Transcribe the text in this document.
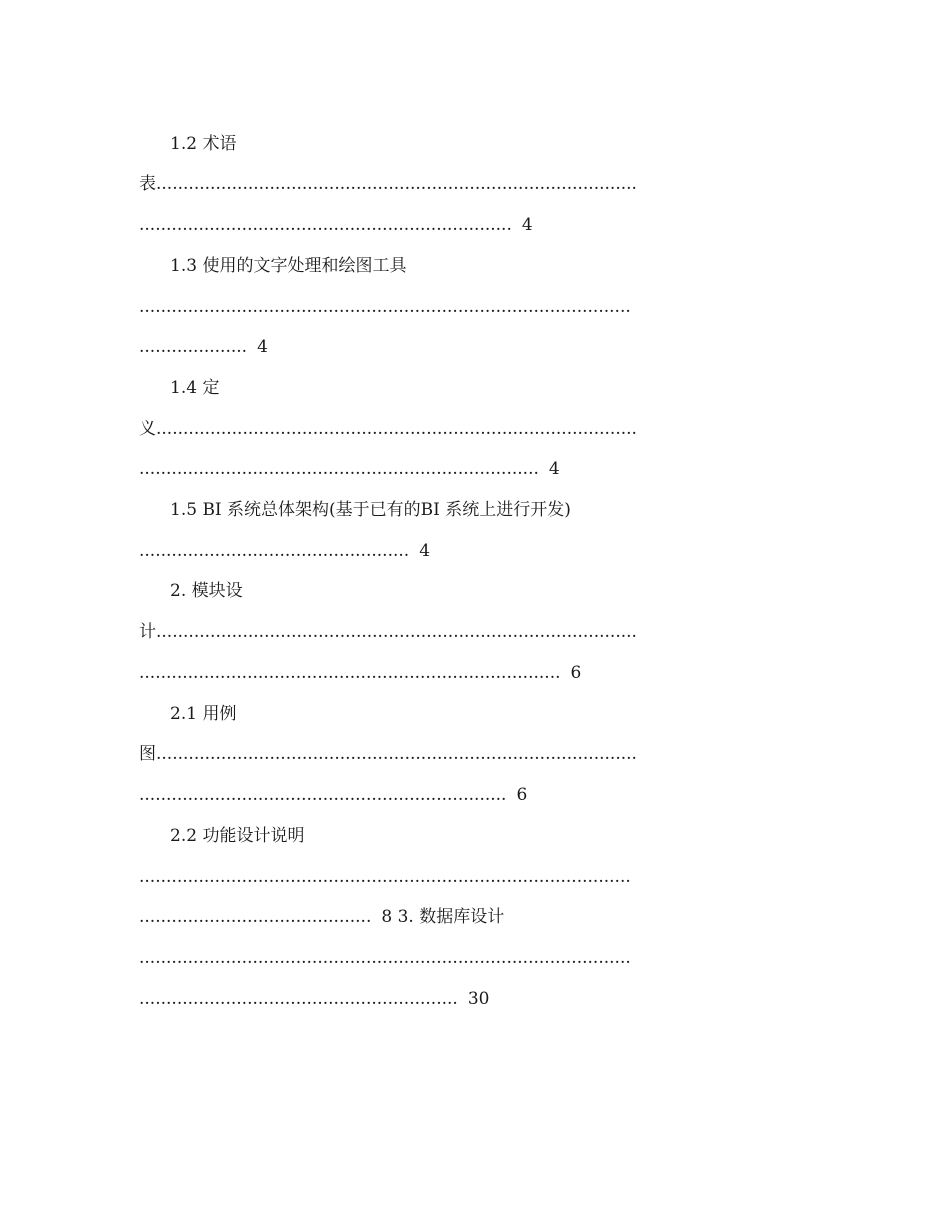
1.2 术语
表.........................................................................................
..................................................................... 4
1.3 使用的文字处理和绘图工具
...........................................................................................
.................... 4
1.4 定
义.........................................................................................
.......................................................................... 4
1.5 BI 系统总体架构(基于已有的BI 系统上进行开发)
.................................................. 4
2. 模块设
计.........................................................................................
.............................................................................. 6
2.1 用例
图.........................................................................................
.................................................................... 6
2.2 功能设计说明
...........................................................................................
........................................... 8 3. 数据库设计
...........................................................................................
........................................................... 30
